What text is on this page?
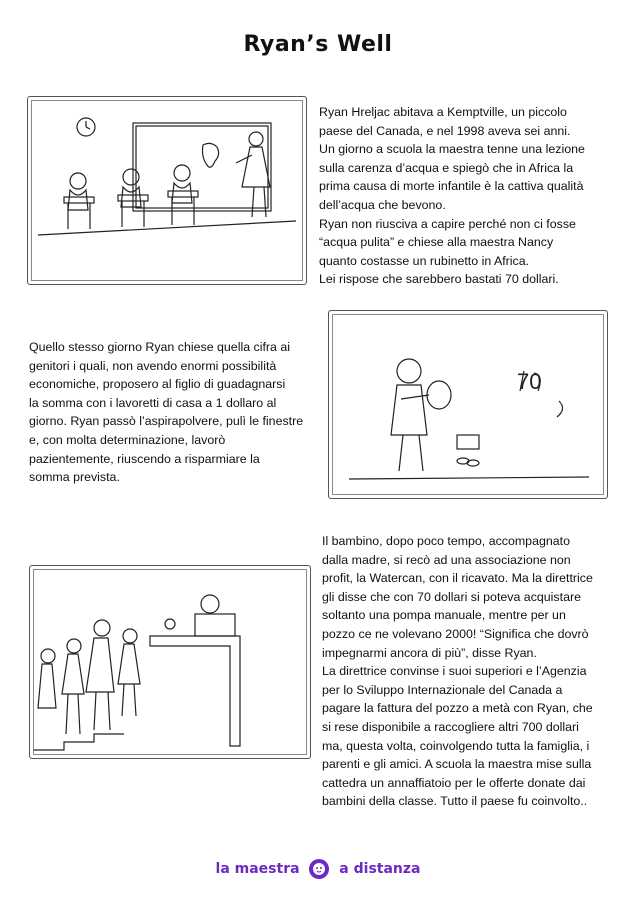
Ryan’s Well

Ryan Hreljac abitava a Kemptville, un piccolo
paese del Canada, e nel 1998 aveva sei anni.
Un giorno a scuola la maestra tenne una lezione
sulla carenza d’acqua e spiegò che in Africa la
prima causa di morte infantile è la cattiva qualità
dell’acqua che bevono.
Ryan non riusciva a capire perché non ci fosse
“acqua pulita” e chiese alla maestra Nancy
quanto costasse un rubinetto in Africa.
Lei rispose che sarebbero bastati 70 dollari.

70

Quello stesso giorno Ryan chiese quella cifra ai
genitori i quali, non avendo enormi possibilità
economiche, proposero al figlio di guadagnarsi
la somma con i lavoretti di casa a 1 dollaro al
giorno. Ryan passò l’aspirapolvere, pulì le finestre
e, con molta determinazione, lavorò
pazientemente, riuscendo a risparmiare la
somma prevista.

Il bambino, dopo poco tempo, accompagnato
dalla madre, si recò ad una associazione non
profit, la Watercan, con il ricavato. Ma la direttrice
gli disse che con 70 dollari si poteva acquistare
soltanto una pompa manuale, mentre per un
pozzo ce ne volevano 2000! “Significa che dovrò
impegnarmi ancora di più”, disse Ryan.
La direttrice convinse i suoi superiori e l’Agenzia
per lo Sviluppo Internazionale del Canada a
pagare la fattura del pozzo a metà con Ryan, che
si rese disponibile a raccogliere altri 700 dollari
ma, questa volta, coinvolgendo tutta la famiglia, i
parenti e gli amici. A scuola la maestra mise sulla
cattedra un annaffiatoio per le offerte donate dai
bambini della classe. Tutto il paese fu coinvolto..

la maestra	a distanza
